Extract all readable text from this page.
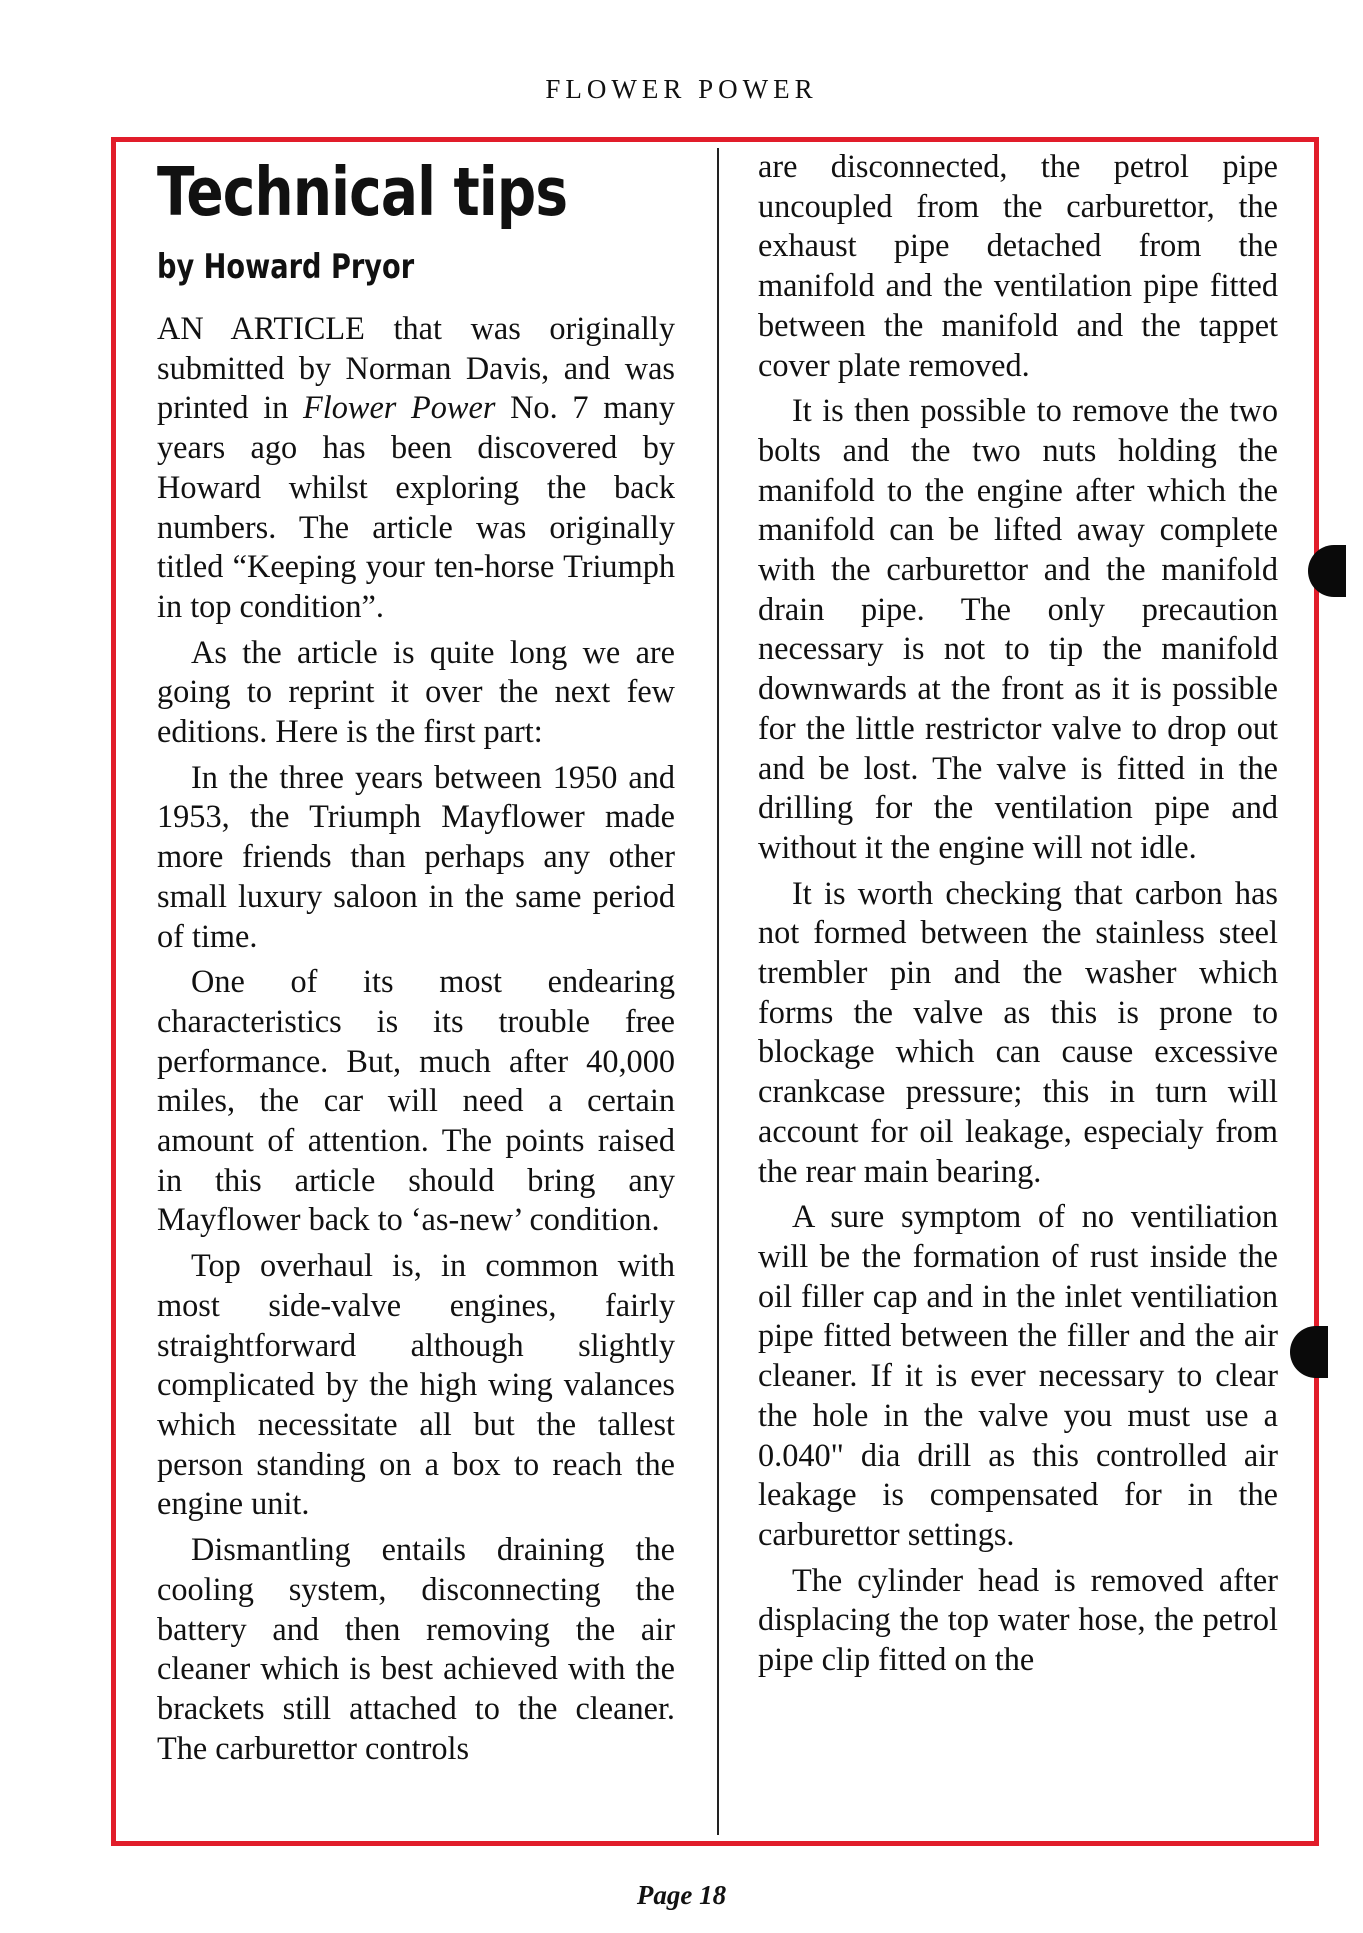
FLOWER POWER
Technical tips
by Howard Pryor

AN ARTICLE that was originally submitted by Norman Davis, and was printed in Flower Power No. 7 many years ago has been discovered by Howard whilst exploring the back numbers. The article was originally titled “Keeping your ten-horse Triumph in top condition”.

As the article is quite long we are going to reprint it over the next few editions. Here is the first part:

In the three years between 1950 and 1953, the Triumph Mayflower made more friends than perhaps any other small luxury saloon in the same period of time.

One of its most endearing characteristics is its trouble free performance. But, much after 40,000 miles, the car will need a certain amount of attention. The points raised in this article should bring any Mayflower back to ‘as-new’ condition.

Top overhaul is, in common with most side-valve engines, fairly straightforward although slightly complicated by the high wing valances which necessitate all but the tallest person standing on a box to reach the engine unit.

Dismantling entails draining the cooling system, disconnecting the battery and then removing the air cleaner which is best achieved with the brackets still attached to the cleaner. The carburettor controls

are disconnected, the petrol pipe uncoupled from the carburettor, the exhaust pipe detached from the manifold and the ventilation pipe fitted between the manifold and the tappet cover plate removed.

It is then possible to remove the two bolts and the two nuts holding the manifold to the engine after which the manifold can be lifted away complete with the carburettor and the manifold drain pipe. The only precaution necessary is not to tip the manifold downwards at the front as it is possible for the little restrictor valve to drop out and be lost. The valve is fitted in the drilling for the ventilation pipe and without it the engine will not idle.

It is worth checking that carbon has not formed between the stainless steel trembler pin and the washer which forms the valve as this is prone to blockage which can cause excessive crankcase pressure; this in turn will account for oil leakage, especialy from the rear main bearing.

A sure symptom of no ventiliation will be the formation of rust inside the oil filler cap and in the inlet ventiliation pipe fitted between the filler and the air cleaner. If it is ever necessary to clear the hole in the valve you must use a 0.040" dia drill as this controlled air leakage is compensated for in the carburettor settings.

The cylinder head is removed after displacing the top water hose, the petrol pipe clip fitted on the

Page 18
